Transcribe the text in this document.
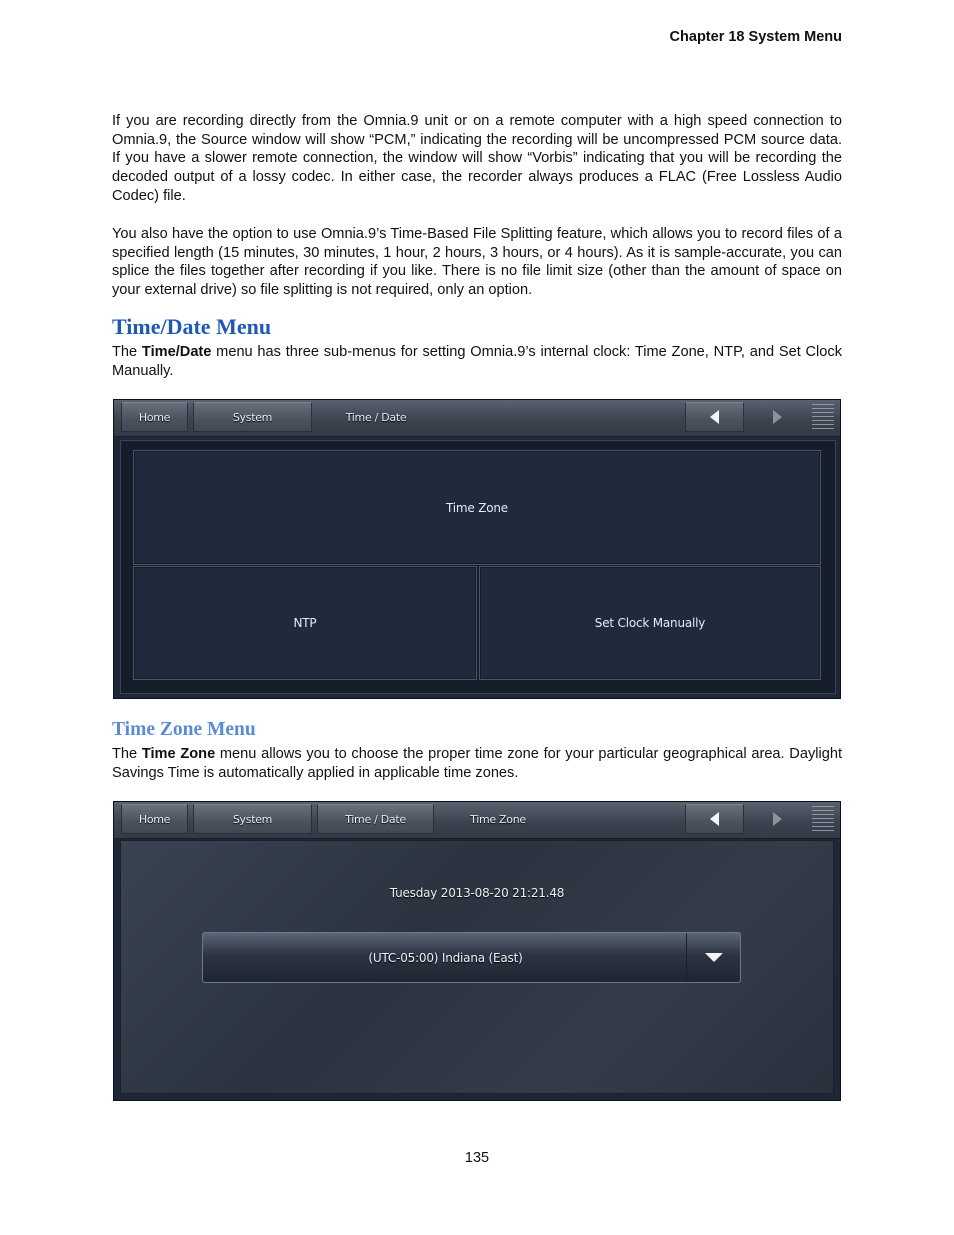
Chapter 18 System Menu

If you are recording directly from the Omnia.9 unit or on a remote computer with a high speed connection to Omnia.9, the Source window will show “PCM,” indicating the recording will be uncompressed PCM source data. If you have a slower remote connection, the window will show “Vorbis” indicating that you will be recording the decoded output of a lossy codec. In either case, the recorder always produces a FLAC (Free Lossless Audio Codec) file.

You also have the option to use Omnia.9’s Time-Based File Splitting feature, which allows you to record files of a specified length (15 minutes, 30 minutes, 1 hour, 2 hours, 3 hours, or 4 hours). As it is sample-accurate, you can splice the files together after recording if you like. There is no file limit size (other than the amount of space on your external drive) so file splitting is not required, only an option.

Time/Date Menu

The Time/Date menu has three sub-menus for setting Omnia.9’s internal clock: Time Zone, NTP, and Set Clock Manually.

Home	System	Time / Date
Time Zone
NTP	Set Clock Manually
Time Zone Menu

The Time Zone menu allows you to choose the proper time zone for your particular geographical area. Daylight Savings Time is automatically applied in applicable time zones.

Home	System	Time / Date	Time Zone
Tuesday 2013-08-20 21:21.48
(UTC-05:00) Indiana (East)
135
